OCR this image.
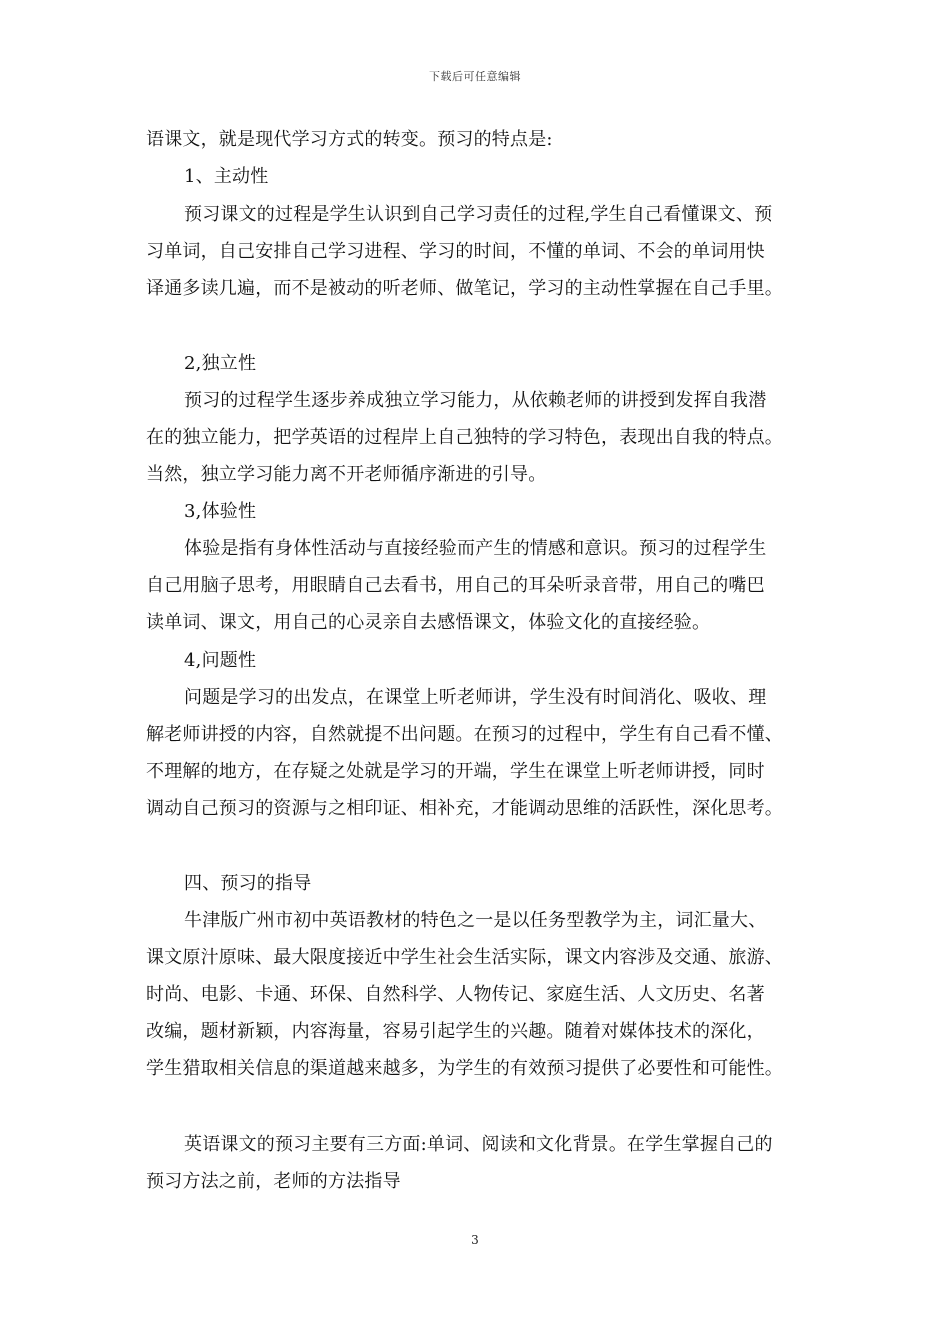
下载后可任意编辑
语课文，就是现代学习方式的转变。预习的特点是:
1、主动性
预习课文的过程是学生认识到自己学习责任的过程,学生自己看懂课文、预
习单词，自己安排自己学习进程、学习的时间，不懂的单词、不会的单词用快
译通多读几遍，而不是被动的听老师、做笔记，学习的主动性掌握在自己手里。
2,独立性
预习的过程学生逐步养成独立学习能力，从依赖老师的讲授到发挥自我潜
在的独立能力，把学英语的过程岸上自己独特的学习特色，表现出自我的特点。
当然，独立学习能力离不开老师循序渐进的引导。
3,体验性
体验是指有身体性活动与直接经验而产生的情感和意识。预习的过程学生
自己用脑子思考，用眼睛自己去看书，用自己的耳朵听录音带，用自己的嘴巴
读单词、课文，用自己的心灵亲自去感悟课文，体验文化的直接经验。
4,问题性
问题是学习的出发点，在课堂上听老师讲，学生没有时间消化、吸收、理
解老师讲授的内容，自然就提不出问题。在预习的过程中，学生有自己看不懂、
不理解的地方，在存疑之处就是学习的开端，学生在课堂上听老师讲授，同时
调动自己预习的资源与之相印证、相补充，才能调动思维的活跃性，深化思考。
四、预习的指导
牛津版广州市初中英语教材的特色之一是以任务型教学为主，词汇量大、
课文原汁原味、最大限度接近中学生社会生活实际，课文内容涉及交通、旅游、
时尚、电影、卡通、环保、自然科学、人物传记、家庭生活、人文历史、名著
改编，题材新颖，内容海量，容易引起学生的兴趣。随着对媒体技术的深化，
学生猎取相关信息的渠道越来越多，为学生的有效预习提供了必要性和可能性。
英语课文的预习主要有三方面:单词、阅读和文化背景。在学生掌握自己的
预习方法之前，老师的方法指导
3
